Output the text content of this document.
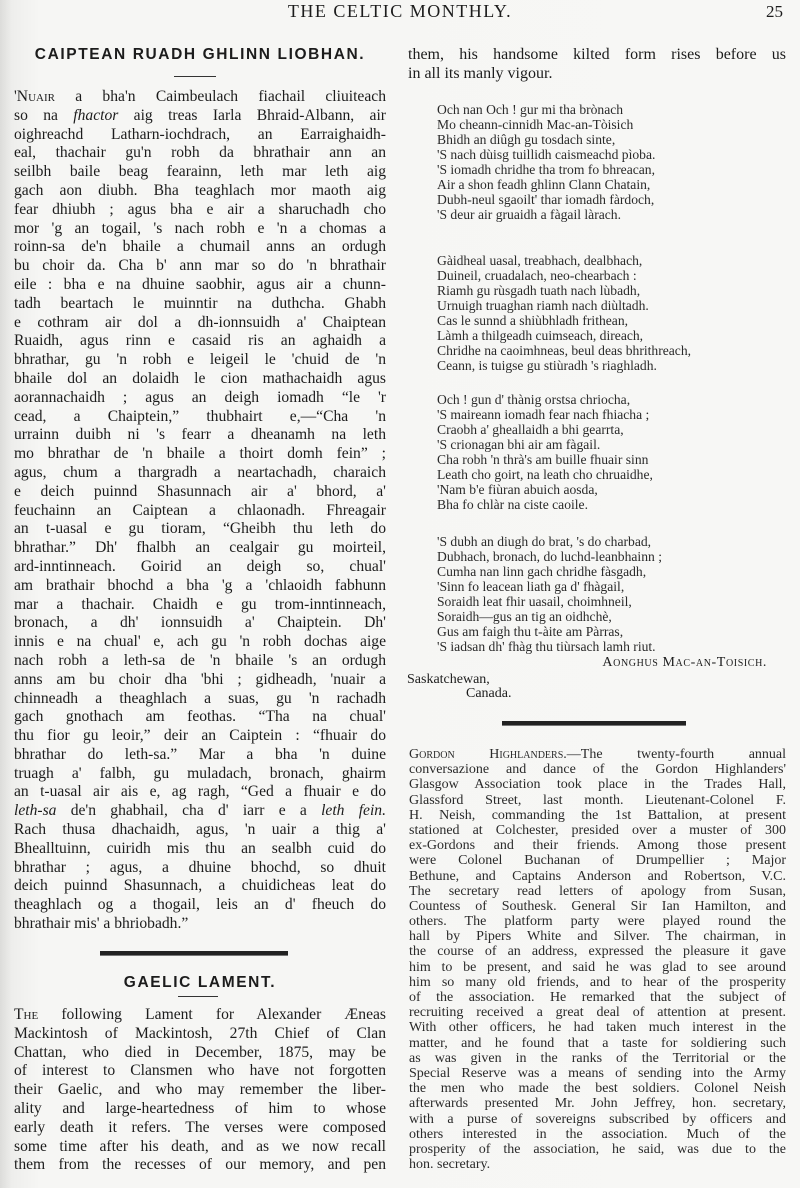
THE CELTIC MONTHLY.	25
CAIPTEAN RUADH GHLINN LIOBHAN.
'Nuair a bha'n Caimbeulach fiachail cliuiteach
so na fhactor aig treas Iarla Bhraid-Albann, air
oighreachd Latharn-iochdrach, an Earraighaidh-
eal, thachair gu'n robh da bhrathair ann an
seilbh baile beag fearainn, leth mar leth aig
gach aon diubh. Bha teaghlach mor maoth aig
fear dhiubh ; agus bha e air a sharuchadh cho
mor 'g an togail, 's nach robh e 'n a chomas a
roinn-sa de'n bhaile a chumail anns an ordugh
bu choir da. Cha b' ann mar so do 'n bhrathair
eile : bha e na dhuine saobhir, agus air a chunn-
tadh beartach le muinntir na duthcha. Ghabh
e cothram air dol a dh-ionnsuidh a' Chaiptean
Ruaidh, agus rinn e casaid ris an aghaidh a
bhrathar, gu 'n robh e leigeil le 'chuid de 'n
bhaile dol an dolaidh le cion mathachaidh agus
aorannachaidh ; agus an deigh iomadh “le 'r
cead, a Chaiptein,” thubhairt e,—“Cha 'n
urrainn duibh ni 's fearr a dheanamh na leth
mo bhrathar de 'n bhaile a thoirt domh fein” ;
agus, chum a thargradh a neartachadh, charaich
e deich puinnd Shasunnach air a' bhord, a'
feuchainn an Caiptean a chlaonadh. Fhreagair
an t-uasal e gu tioram, “Gheibh thu leth do
bhrathar.” Dh' fhalbh an cealgair gu moirteil,
ard-inntinneach. Goirid an deigh so, chual'
am brathair bhochd a bha 'g a 'chlaoidh fabhunn
mar a thachair. Chaidh e gu trom-inntinneach,
bronach, a dh' ionnsuidh a' Chaiptein. Dh'
innis e na chual' e, ach gu 'n robh dochas aige
nach robh a leth-sa de 'n bhaile 's an ordugh
anns am bu choir dha 'bhi ; gidheadh, 'nuair a
chinneadh a theaghlach a suas, gu 'n rachadh
gach gnothach am feothas. “Tha na chual'
thu fior gu leoir,” deir an Caiptein : “fhuair do
bhrathar do leth-sa.” Mar a bha 'n duine
truagh a' falbh, gu muladach, bronach, ghairm
an t-uasal air ais e, ag ragh, “Ged a fhuair e do
leth-sa de'n ghabhail, cha d' iarr e a leth fein.
Rach thusa dhachaidh, agus, 'n uair a thig a'
Bhealltuinn, cuiridh mis thu an sealbh cuid do
bhrathar ; agus, a dhuine bhochd, so dhuit
deich puinnd Shasunnach, a chuidicheas leat do
theaghlach og a thogail, leis an d' fheuch do
bhrathair mis' a bhriobadh.”
GAELIC LAMENT.
The following Lament for Alexander Æneas
Mackintosh of Mackintosh, 27th Chief of Clan
Chattan, who died in December, 1875, may be
of interest to Clansmen who have not forgotten
their Gaelic, and who may remember the liber-
ality and large-heartedness of him to whose
early death it refers. The verses were composed
some time after his death, and as we now recall
them from the recesses of our memory, and pen
them, his handsome kilted form rises before us
in all its manly vigour.
Och nan Och ! gur mi tha brònach
Mo cheann-cinnidh Mac-an-Tòisich
Bhidh an diûgh gu tosdach sinte,
'S nach dùisg tuillidh caismeachd pìoba.
'S iomadh chridhe tha trom fo bhreacan,
Air a shon feadh ghlinn Clann Chatain,
Dubh-neul sgaoilt' thar iomadh fàrdoch,
'S deur air gruaidh a fàgail làrach.
Gàidheal uasal, treabhach, dealbhach,
Duineil, cruadalach, neo-chearbach :
Riamh gu rùsgadh tuath nach lùbadh,
Urnuigh truaghan riamh nach diùltadh.
Cas le sunnd a shiùbhladh frithean,
Làmh a thilgeadh cuimseach, direach,
Chridhe na caoimhneas, beul deas bhrithreach,
Ceann, is tuigse gu stiùradh 's riaghladh.
Och ! gun d' thànig orstsa chriocha,
'S maireann iomadh fear nach fhiacha ;
Craobh a' gheallaidh a bhi gearrta,
'S crionagan bhi air am fàgail.
Cha robh 'n thrà's am buille fhuair sinn
Leath cho goirt, na leath cho chruaidhe,
'Nam b'e fiùran abuich aosda,
Bha fo chlàr na ciste caoile.
'S dubh an diugh do brat, 's do charbad,
Dubhach, bronach, do luchd-leanbhainn ;
Cumha nan linn gach chridhe fàsgadh,
'Sinn fo leacean liath ga d' fhàgail,
Soraidh leat fhir uasail, choimhneil,
Soraidh—gus an tig an oidhchè,
Gus am faigh thu t-àite am Pàrras,
'S iadsan dh' fhàg thu tiùrsach lamh riut.
Aonghus Mac-an-Toisich.
Saskatchewan,
Canada.
Gordon Highlanders.—The twenty-fourth annual
conversazione and dance of the Gordon Highlanders'
Glasgow Association took place in the Trades Hall,
Glassford Street, last month. Lieutenant-Colonel F.
H. Neish, commanding the 1st Battalion, at present
stationed at Colchester, presided over a muster of 300
ex-Gordons and their friends. Among those present
were Colonel Buchanan of Drumpellier ; Major
Bethune, and Captains Anderson and Robertson, V.C.
The secretary read letters of apology from Susan,
Countess of Southesk. General Sir Ian Hamilton, and
others. The platform party were played round the
hall by Pipers White and Silver. The chairman, in
the course of an address, expressed the pleasure it gave
him to be present, and said he was glad to see around
him so many old friends, and to hear of the prosperity
of the association. He remarked that the subject of
recruiting received a great deal of attention at present.
With other officers, he had taken much interest in the
matter, and he found that a taste for soldiering such
as was given in the ranks of the Territorial or the
Special Reserve was a means of sending into the Army
the men who made the best soldiers. Colonel Neish
afterwards presented Mr. John Jeffrey, hon. secretary,
with a purse of sovereigns subscribed by officers and
others interested in the association. Much of the
prosperity of the association, he said, was due to the
hon. secretary.
